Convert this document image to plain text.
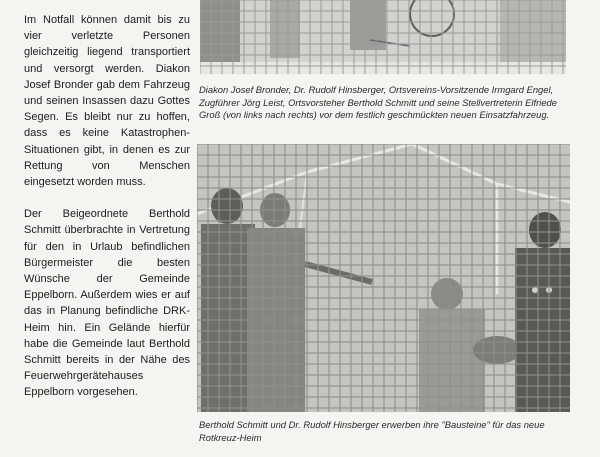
Im Notfall können damit bis zu vier verletzte Personen gleichzeitig liegend transportiert und versorgt werden. Diakon Josef Bronder gab dem Fahrzeug und seinen Insassen dazu Gottes Segen. Es bleibt nur zu hoffen, dass es keine Katastrophen-Situationen gibt, in denen es zur Rettung von Menschen eingesetzt worden muss.

Der Beigeordnete Berthold Schmitt überbrachte in Vertretung für den in Urlaub befindlichen Bürgermeister die besten Wünsche der Gemeinde Eppelborn. Außerdem wies er auf das in Planung befindliche DRK-Heim hin. Ein Gelände hierfür habe die Gemeinde laut Berthold Schmitt bereits in der Nähe des Feuerwehrgerätehauses Eppelborn vorgesehen.

Diakon Josef Bronder, Dr. Rudolf Hinsberger, Ortsvereins-Vorsitzende Irmgard Engel, Zugführer Jörg Leist, Ortsvorsteher Berthold Schmitt und seine Stellvertreterin Elfriede Groß (von links nach rechts) vor dem festlich geschmückten neuen Einsatzfahrzeug.
Berthold Schmitt und Dr. Rudolf Hinsberger erwerben ihre "Bausteine" für das neue Rotkreuz-Heim
